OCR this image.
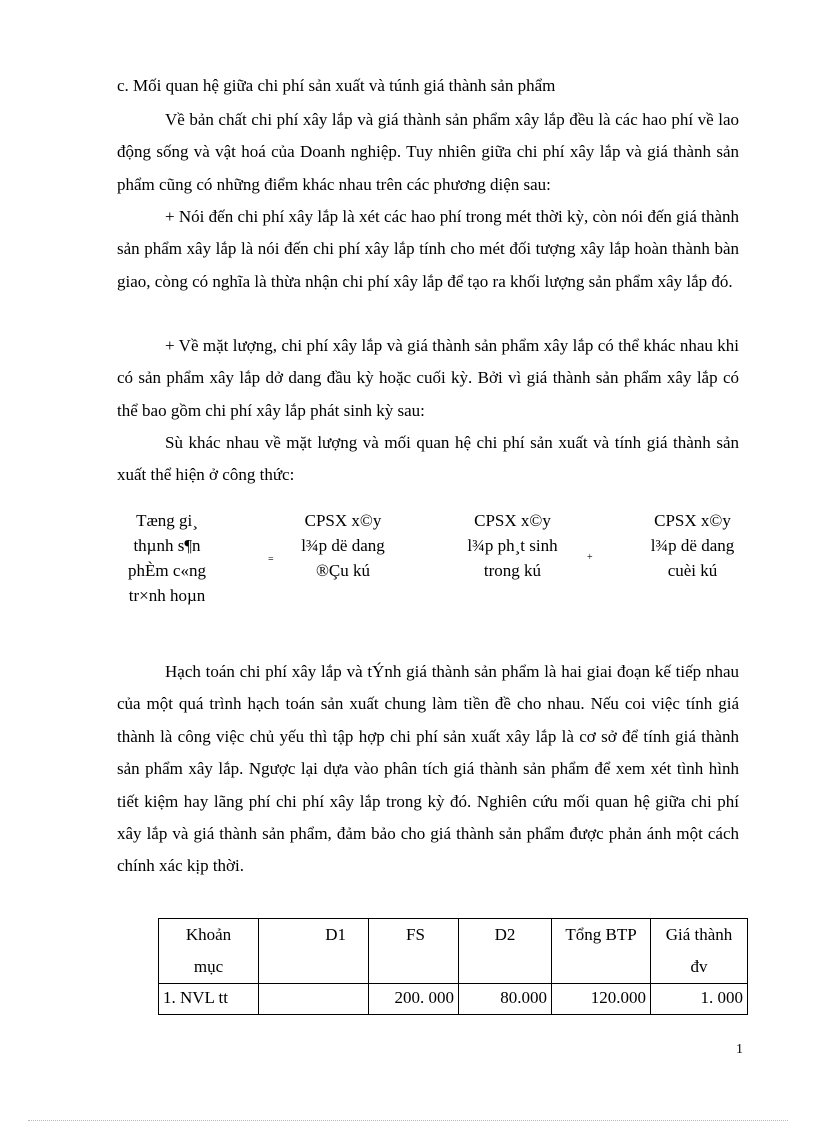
c. Mối quan hệ giữa chi phí sản xuất và túnh giá thành sản phẩm

Về bản chất chi phí xây lắp và giá thành sản phẩm xây lắp đều là các hao phí về lao động sống và vật hoá của Doanh nghiệp. Tuy nhiên giữa chi phí xây lắp và giá thành sản phẩm cũng có những điểm khác nhau trên các phương diện sau:

+ Nói đến chi phí xây lắp là xét các hao phí trong mét thời kỳ, còn nói đến giá thành sản phẩm xây lắp là nói đến chi phí xây lắp tính cho mét đối tượng xây lắp hoàn thành bàn giao, còng có nghĩa là thừa nhận chi phí xây lắp để tạo ra khối lượng sản phẩm xây lắp đó.

+ Về mặt lượng, chi phí xây lắp và giá thành sản phẩm xây lắp có thể khác nhau khi có sản phẩm xây lắp dở dang đầu kỳ hoặc cuối kỳ. Bởi vì giá thành sản phẩm xây lắp có thể bao gồm chi phí xây lắp phát sinh kỳ sau:

Sù khác nhau về mặt lượng và mối quan hệ chi phí sản xuất và tính giá thành sản xuất thể hiện ở công thức:

Tæng gi¸
thµnh s¶n
phÈm c«ng
tr×nh hoµn
=
CPSX x©y
l¾p dë dang
®Çu kú
CPSX x©y
l¾p ph¸t sinh
trong kú
+
CPSX x©y
l¾p dë dang
cuèi kú

Hạch toán chi phí xây lắp và tÝnh giá thành sản phẩm là hai giai đoạn kế tiếp nhau của một quá trình hạch toán sản xuất chung làm tiền đề cho nhau. Nếu coi việc tính giá thành là công việc chủ yếu thì tập hợp chi phí sản xuất xây lắp là cơ sở để tính giá thành sản phẩm xây lắp. Ngược lại dựa vào phân tích giá thành sản phẩm để xem xét tình hình tiết kiệm hay lãng phí chi phí xây lắp trong kỳ đó. Nghiên cứu mối quan hệ giữa chi phí xây lắp và giá thành sản phẩm, đảm bảo cho giá thành sản phẩm được phản ánh một cách chính xác kịp thời.

Khoản
mục	D1	FS	D2	Tổng BTP	Giá thành
đv

1. NVL tt		200. 000	80.000	120.000	1. 000
1
